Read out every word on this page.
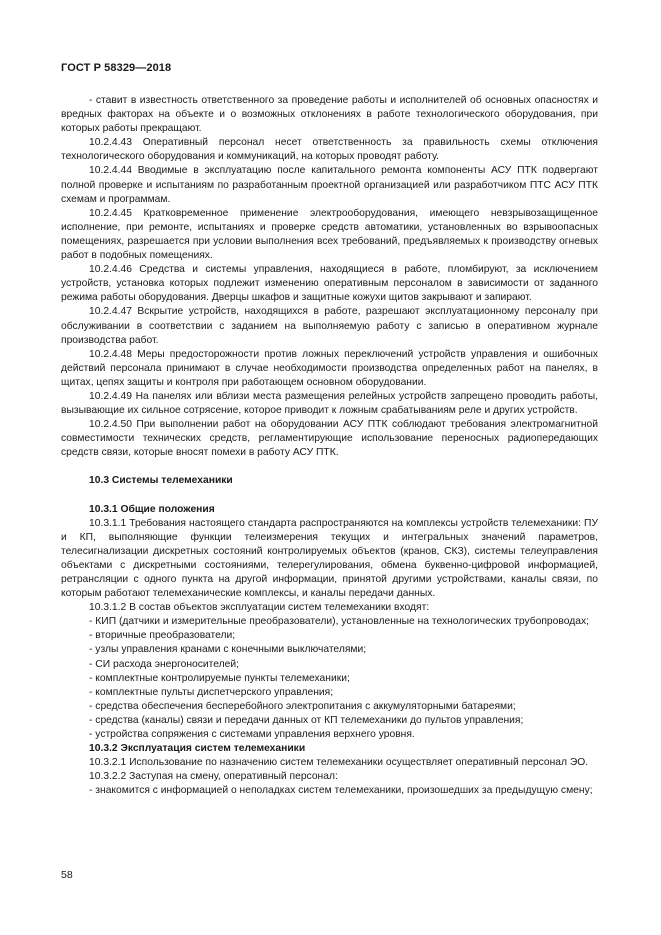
ГОСТ Р 58329—2018

- ставит в известность ответственного за проведение работы и исполнителей об основных опасностях и вредных факторах на объекте и о возможных отклонениях в работе технологического оборудования, при которых работы прекращают.

10.2.4.43 Оперативный персонал несет ответственность за правильность схемы отключения технологического оборудования и коммуникаций, на которых проводят работу.

10.2.4.44 Вводимые в эксплуатацию после капитального ремонта компоненты АСУ ПТК подвергают полной проверке и испытаниям по разработанным проектной организацией или разработчиком ПТС АСУ ПТК схемам и программам.

10.2.4.45 Кратковременное применение электрооборудования, имеющего невзрывозащищенное исполнение, при ремонте, испытаниях и проверке средств автоматики, установленных во взрывоопасных помещениях, разрешается при условии выполнения всех требований, предъявляемых к производству огневых работ в подобных помещениях.

10.2.4.46 Средства и системы управления, находящиеся в работе, пломбируют, за исключением устройств, установка которых подлежит изменению оперативным персоналом в зависимости от заданного режима работы оборудования. Дверцы шкафов и защитные кожухи щитов закрывают и запирают.

10.2.4.47 Вскрытие устройств, находящихся в работе, разрешают эксплуатационному персоналу при обслуживании в соответствии с заданием на выполняемую работу с записью в оперативном журнале производства работ.

10.2.4.48 Меры предосторожности против ложных переключений устройств управления и ошибочных действий персонала принимают в случае необходимости производства определенных работ на панелях, в щитах, цепях защиты и контроля при работающем основном оборудовании.

10.2.4.49 На панелях или вблизи места размещения релейных устройств запрещено проводить работы, вызывающие их сильное сотрясение, которое приводит к ложным срабатываниям реле и других устройств.

10.2.4.50 При выполнении работ на оборудовании АСУ ПТК соблюдают требования электромагнитной совместимости технических средств, регламентирующие использование переносных радиопередающих средств связи, которые вносят помехи в работу АСУ ПТК.

10.3 Системы телемеханики
10.3.1 Общие положения

10.3.1.1 Требования настоящего стандарта распространяются на комплексы устройств телемеханики: ПУ и КП, выполняющие функции телеизмерения текущих и интегральных значений параметров, телесигнализации дискретных состояний контролируемых объектов (кранов, СКЗ), системы телеуправления объектами с дискретными состояниями, телерегулирования, обмена буквенно-цифровой информацией, ретрансляции с одного пункта на другой информации, принятой другими устройствами, каналы связи, по которым работают телемеханические комплексы, и каналы передачи данных.

10.3.1.2 В состав объектов эксплуатации систем телемеханики входят:

- КИП (датчики и измерительные преобразователи), установленные на технологических трубопроводах;

- вторичные преобразователи;

- узлы управления кранами с конечными выключателями;

- СИ расхода энергоносителей;

- комплектные контролируемые пункты телемеханики;

- комплектные пульты диспетчерского управления;

- средства обеспечения бесперебойного электропитания с аккумуляторными батареями;

- средства (каналы) связи и передачи данных от КП телемеханики до пультов управления;

- устройства сопряжения с системами управления верхнего уровня.

10.3.2 Эксплуатация систем телемеханики

10.3.2.1 Использование по назначению систем телемеханики осуществляет оперативный персонал ЭО.

10.3.2.2 Заступая на смену, оперативный персонал:

- знакомится с информацией о неполадках систем телемеханики, произошедших за предыдущую смену;

58
